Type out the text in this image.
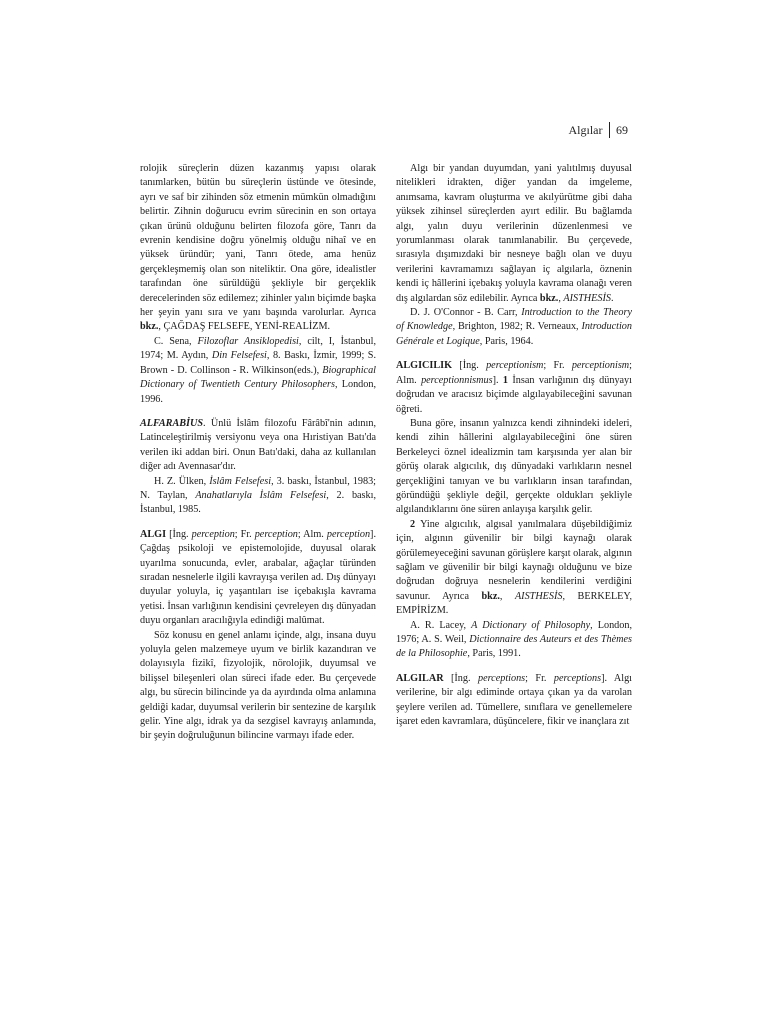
Algılar 69

rolojik süreçlerin düzen kazanmış yapısı olarak tanımlarken, bütün bu süreçlerin üstünde ve ötesinde, ayrı ve saf bir zihinden söz etmenin mümkün olmadığını belirtir. Zihnin doğurucu evrim sürecinin en son ortaya çıkan ürünü olduğunu belirten filozofa göre, Tanrı da evrenin kendisine doğru yönelmiş olduğu nihaî ve en yüksek üründür; yani, Tanrı ötede, ama henüz gerçekleşmemiş olan son niteliktir. Ona göre, idealistler tarafından öne sürüldüğü şekliyle bir gerçeklik derecelerinden söz edilemez; zihinler yalın biçimde başka her şeyin yanı sıra ve yanı başında varolurlar. Ayrıca bkz., ÇAĞDAŞ FELSEFE, YENİ-REALİZM.

C. Sena, Filozoflar Ansiklopedisi, cilt, I, İstanbul, 1974; M. Aydın, Din Felsefesi, 8. Baskı, İzmir, 1999; S. Brown - D. Collinson - R. Wilkinson(eds.), Biographical Dictionary of Twentieth Century Philosophers, London, 1996.

ALFARABİUS. Ünlü İslâm filozofu Fârâbî'nin adının, Latinceleştirilmiş versiyonu veya ona Hıristiyan Batı'da verilen iki addan biri. Onun Batı'daki, daha az kullanılan diğer adı Avennasar'dır.

H. Z. Ülken, İslâm Felsefesi, 3. baskı, İstanbul, 1983; N. Taylan, Anahatlarıyla İslâm Felsefesi, 2. baskı, İstanbul, 1985.

ALGI [İng. perception; Fr. perception; Alm. perception]. Çağdaş psikoloji ve epistemolojide, duyusal olarak uyarılma sonucunda, evler, arabalar, ağaçlar türünden sıradan nesnelerle ilgili kavrayışa verilen ad. Dış dünyayı duyular yoluyla, iç yaşantıları ise içebakışla kavrama yetisi. İnsan varlığının kendisini çevreleyen dış dünyadan duyu organları aracılığıyla edindiği malûmat.

Söz konusu en genel anlamı içinde, algı, insana duyu yoluyla gelen malzemeye uyum ve birlik kazandıran ve dolayısıyla fizikî, fizyolojik, nörolojik, duyumsal ve bilişsel bileşenleri olan süreci ifade eder. Bu çerçevede algı, bu sürecin bilincinde ya da ayırdında olma anlamına geldiği kadar, duyumsal verilerin bir sentezine de karşılık gelir. Yine algı, idrak ya da sezgisel kavrayış anlamında, bir şeyin doğruluğunun bilincine varmayı ifade eder.

Algı bir yandan duyumdan, yani yalıtılmış duyusal nitelikleri idrakten, diğer yandan da imgeleme, anımsama, kavram oluşturma ve akılyürütme gibi daha yüksek zihinsel süreçlerden ayırt edilir. Bu bağlamda algı, yalın duyu verilerinin düzenlenmesi ve yorumlanması olarak tanımlanabilir. Bu çerçevede, sırasıyla dışımızdaki bir nesneye bağlı olan ve duyu verilerini kavramamızı sağlayan iç algılarla, öznenin kendi iç hâllerini içebakış yoluyla kavrama olanağı veren dış algılardan söz edilebilir. Ayrıca bkz., AISTHESİS.

D. J. O'Connor - B. Carr, Introduction to the Theory of Knowledge, Brighton, 1982; R. Verneaux, Introduction Générale et Logique, Paris, 1964.

ALGICILIK [İng. perceptionism; Fr. perceptionism; Alm. perceptionnismus]. 1 İnsan varlığının dış dünyayı doğrudan ve aracısız biçimde algılayabileceğini savunan öğreti.

Buna göre, insanın yalnızca kendi zihnindeki ideleri, kendi zihin hâllerini algılayabileceğini öne süren Berkeleyci öznel idealizmin tam karşısında yer alan bir görüş olarak algıcılık, dış dünyadaki varlıkların nesnel gerçekliğini tanıyan ve bu varlıkların insan tarafından, göründüğü şekliyle değil, gerçekte oldukları şekliyle algılandıklarını öne süren anlayışa karşılık gelir.

2 Yine algıcılık, algısal yanılmalara düşebildiğimiz için, algının güvenilir bir bilgi kaynağı olarak görülemeyeceğini savunan görüşlere karşıt olarak, algının sağlam ve güvenilir bir bilgi kaynağı olduğunu ve bize doğrudan doğruya nesnelerin kendilerini verdiğini savunur. Ayrıca bkz., AISTHESİS, BERKELEY, EMPİRİZM.

A. R. Lacey, A Dictionary of Philosophy, London, 1976; A. S. Weil, Dictionnaire des Auteurs et des Thèmes de la Philosophie, Paris, 1991.

ALGILAR [İng. perceptions; Fr. perceptions]. Algı verilerine, bir algı ediminde ortaya çıkan ya da varolan şeylere verilen ad. Tümellere, sınıflara ve genellemelere işaret eden kavramlara, düşüncelere, fikir ve inançlara zıt
